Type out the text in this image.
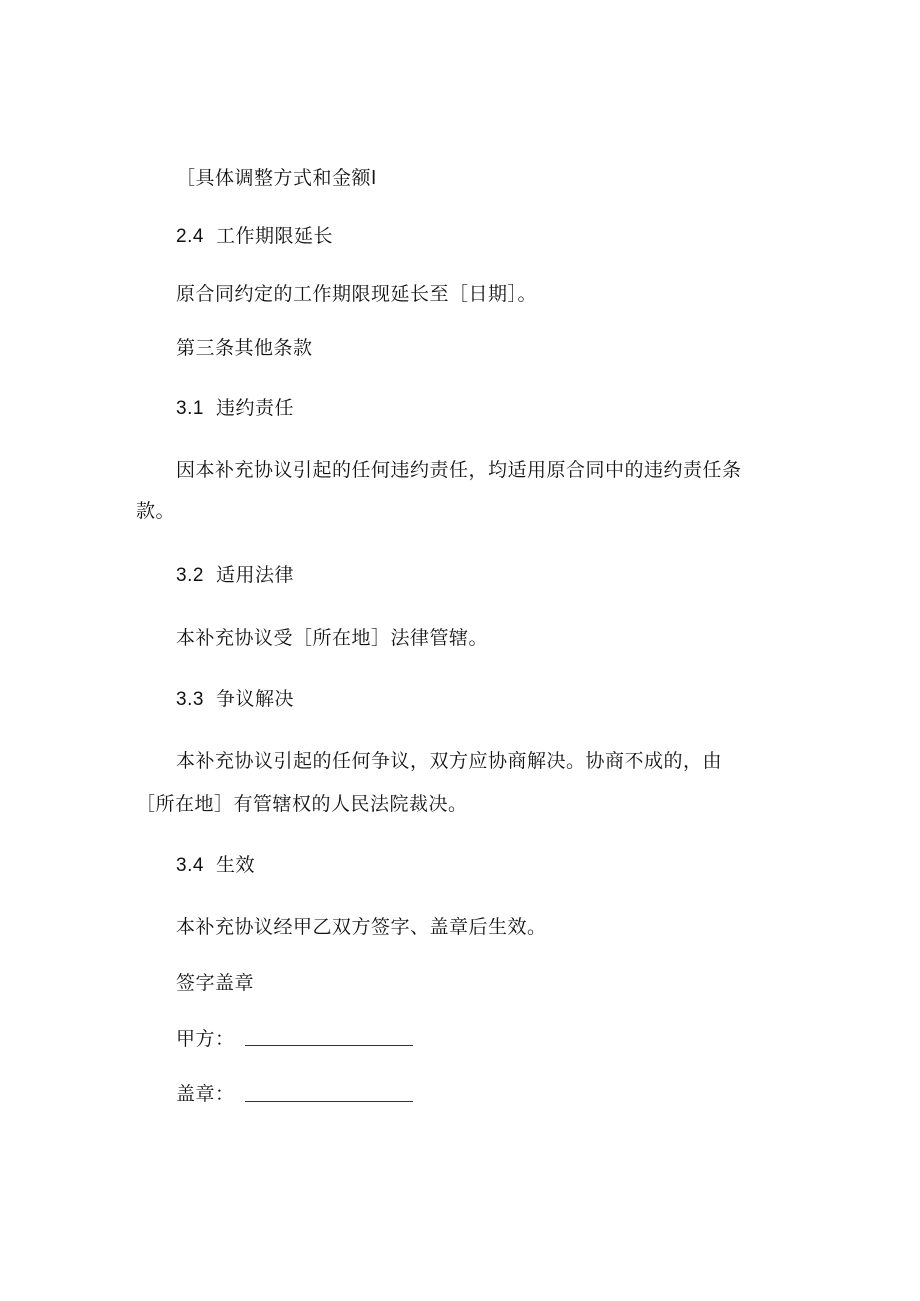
［具体调整方式和金额l
2.4 工作期限延长
原合同约定的工作期限现延长至［日期］。
第三条其他条款
3.1 违约责任
因本补充协议引起的任何违约责任，均适用原合同中的违约责任条
款。
3.2 适用法律
本补充协议受［所在地］法律管辖。
3.3 争议解决
本补充协议引起的任何争议，双方应协商解决。协商不成的，由
［所在地］有管辖权的人民法院裁决。
3.4 生效
本补充协议经甲乙双方签字、盖章后生效。
签字盖章
甲方：
盖章：
